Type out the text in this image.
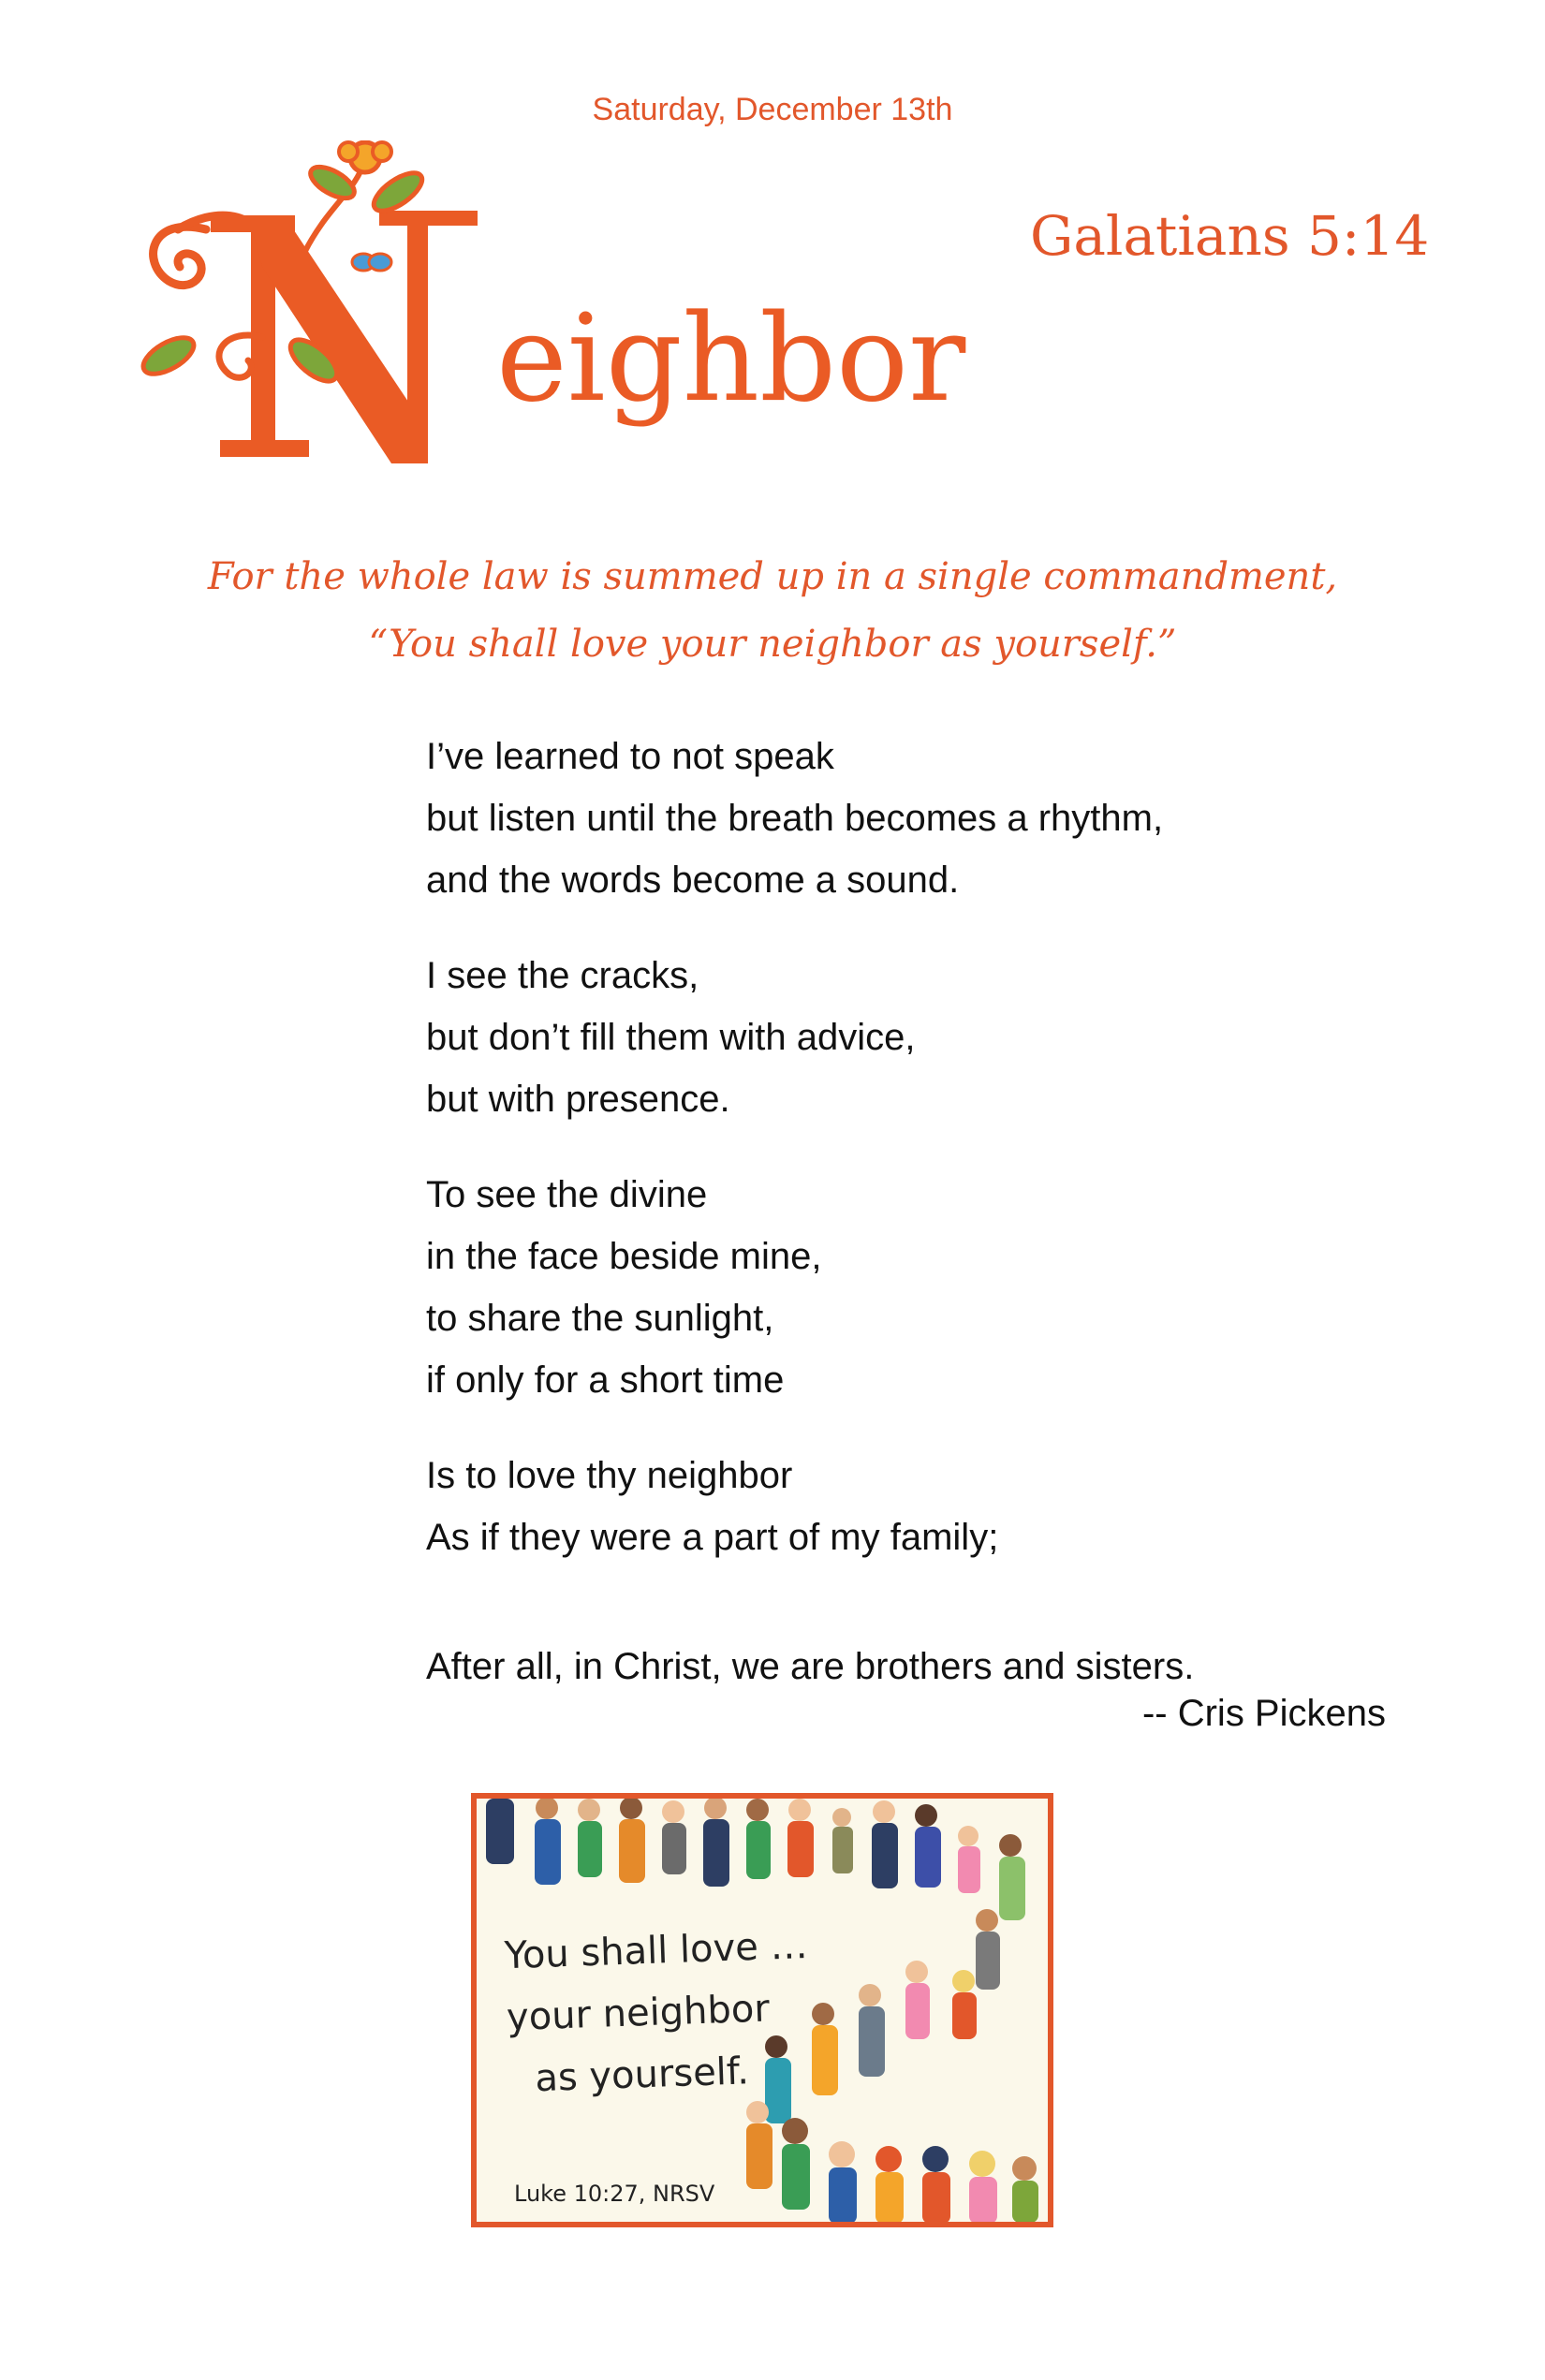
Saturday, December 13th
eighbor
Galatians 5:14
For the whole law is summed up in a single commandment,
“You shall love your neighbor as yourself.”
I’ve learned to not speak
but listen until the breath becomes a rhythm,
and the words become a sound.
I see the cracks,
but don’t fill them with advice,
but with presence.
To see the divine
in the face beside mine,
to share the sunlight,
if only for a short time
Is to love thy neighbor
As if they were a part of my family;
After all, in Christ, we are brothers and sisters.
-- Cris Pickens
You shall love …
your neighbor
as yourself.
Luke 10:27, NRSV
